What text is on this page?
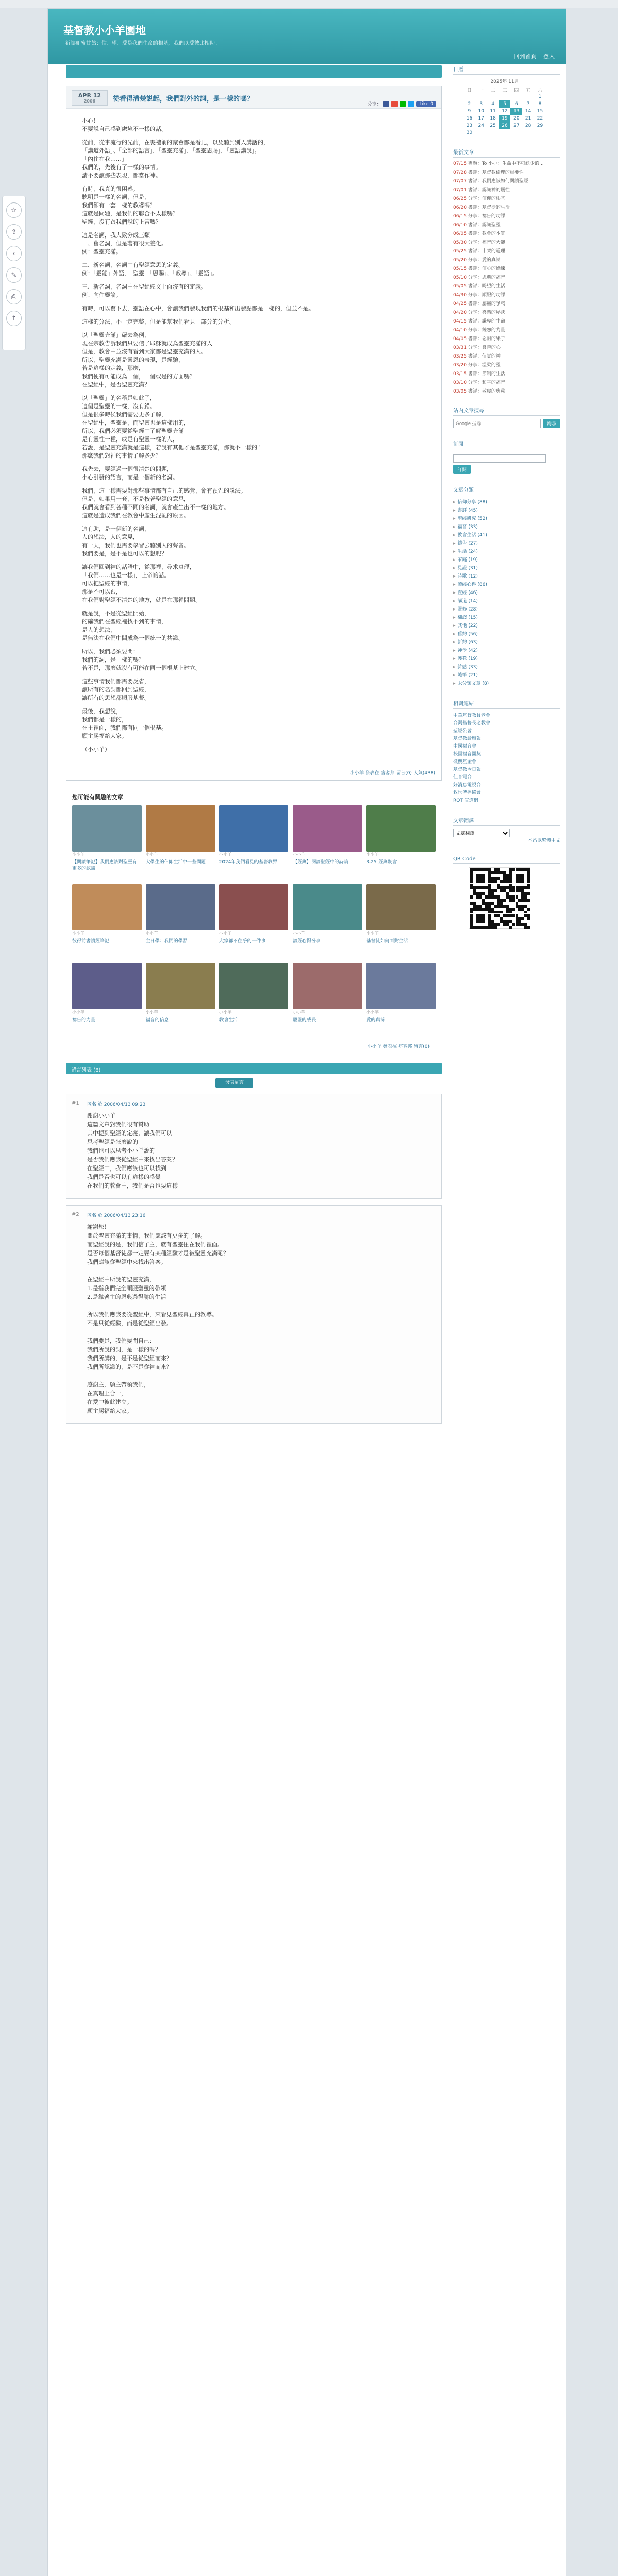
☆
⇪
‹
✎
⎙
↑
基督教小小羊園地
祈禱如蜜甘飴；信、望、愛是我們生命的根基，我們以愛彼此相助。
回到首頁 登入
APR 12
2006	從看得清楚説起，我們對外的詞，是一樣的嗎？
分享：	Like 0

小心！
不要説自己感到處境不一樣的話。

從前，從事流行的先前，在喪禮前的聚會都是看見，以及聽到別人講話的，
「講道外語」、「全部的語言」、「聖靈充滿」、「聖靈恩賜」、「靈語講說」。
「內住在我……」
我們的，先後有了一樣的事情。
請不要讓那些表現，都當作神。

有時，我真的很困惑。
聽明是一樣的名詞，但是，
我們卻有一套一樣的教導嗎？
這就是問題，是我們的聯合不太樣嗎？
聖經，沒有跟我們說的正當嗎？

這是名詞，我大致分成三類
一、舊名詞，但是著有很大差化。
例：聖靈充滿。

二、新名詞，名詞中有聖經意思的定義。
例：「靈能」外語、「聖靈」「恩賜」、「教導」、「靈語」。

三、新名詞，名詞中在聖經經文上面沒有的定義。
例：內住靈論。

有時，可以寫下去，靈語在心中，會讓我們發現我們的根基和出發點都是一樣的，但並不是。

這樣的分法，不一定完整，但是能幫我們看見一部分的分析。

以「聖靈充滿」嚴去為例，
現在宗教告訴我們只要信了耶穌就成為聖靈充滿的人
但是，教會中並沒有看到大家都是聖靈充滿的人。
所以，聖靈充滿是靈恩的表現，是經驗，
若是這樣的定義，那麼，
我們便有可能成為一個，一個或是的方面嗎？
在聖經中，是否聖靈充滿？

以「聖靈」的名稱是如此了，
這個是聖靈的一樣，沒有錯。
但是很多時候我們需要更多了解，
在聖經中，聖靈是，而聖靈也是這樣用的，
所以，我們必須要從聖經中了解聖靈充滿
是有靈性一種，或是有聖靈一樣的人，
若說，是聖靈充滿就是這樣，若說有其他才是聖靈充滿，那就不一樣的！
那麼我們對神的事情了解多少？

我先去，要經過一個很清楚的問題，
小心引發的語言，而是一個新的名詞。

我們，這一樣需要對那些事情都有自己的感覺，會有預先的説法。
但是，如果用一套，不是按著聖經的意思，
我們就會看到各種不同的名詞，就會產生出不一樣的地方。
這就是造成我們在教會中產生混亂的原因。

這有助，是一個新的名詞，
人的想法，人的意見，
有一天，我們也需要學習去聽別人的聲音。
我們要是，是不是也可以的想呢？

讓我們回到神的話語中，從那裡，尋求真理，
「我們……也是一樣」，上帝的話。
可以把聖經的事情，
那是不可以跟，
在我們對聖經不清楚的地方，就是在那裡問題。

就是說，不是從聖經開始，
的確我們在聖經裡找不到的事情，
是人的想法，
是無法在我們中間成為一個統一的共識。

所以，我們必須要問：
我們的詞，是一樣的嗎？
若不是，那麼就沒有可能在同一個根基上建立。

這些事情我們都需要反省，
讓所有的名詞都回到聖經，
讓所有的思想都順服基督。

最後，我想說，
我們都是一樣的，
在主裡面，我們都有同一個根基。
願主賜福給大家。

（小小羊）

小小羊 發表在 痞客邦 留言(0) 人氣(438)
您可能有興趣的文章
小小羊
【閱讀筆記】我們應該對聖靈有更多的認識
小小羊
大學生的信仰生活中一些問題
小小羊
2024年我們看見的基督教界
小小羊
【經典】閱讀聖經中的詩篇
小小羊
3-25 經典聚會
小小羊
彼得前書讀經筆記
小小羊
主日學：我們的學習
小小羊
大家都不在乎的一件事
小小羊
讀經心得分享
小小羊
基督徒如何面對生活
小小羊
禱告的力量
小小羊
福音的信息
小小羊
教會生活
小小羊
屬靈的成長
小小羊
愛的真諦
小小羊 發表在 痞客邦 留言(0)
留言列表 (6)
發表留言
#1 匿名 於 2006/04/13 09:23
謝謝小小羊
這篇文章對我們很有幫助
其中提到聖經的定義，讓我們可以
思考聖經是怎麼說的
我們也可以思考小小羊說的
是否我們應該從聖經中來找出答案？
在聖經中，我們應該也可以找到
我們是否也可以有這樣的感覺
在我們的教會中，我們是否也要這樣
#2 匿名 於 2006/04/13 23:16
謝謝您！
關於聖靈充滿的事情，我們應該有更多的了解。
而聖經說的是，我們信了主，就有聖靈住在我們裡面。
是否每個基督徒都一定要有某種經驗才是被聖靈充滿呢？
我們應該從聖經中來找出答案。

在聖經中所說的聖靈充滿，
1.是指我們完全順服聖靈的帶領
2.是靠著主的恩典過得勝的生活

所以我們應該要從聖經中，來看見聖經真正的教導。
不是只從經驗，而是從聖經出發。

我們要是，我們要問自己：
我們所說的詞，是一樣的嗎？
我們所講的，是不是從聖經而來？
我們所認識的，是不是從神而來？

感謝主，願主帶領我們，
在真理上合一，
在愛中彼此建立。
願主賜福給大家。
日曆
2025年 11月
日	一	二	三	四	五	六
						1
2	3	4	5	6	7	8
9	10	11	12	13	14	15
16	17	18	19	20	21	22
23	24	25	26	27	28	29
30						
最新文章
07/15 專題：To 小小：生命中不可缺少的...
07/28 書評：基督教倫理的重要性
07/07 書評：我們應該如何閱讀聖經
07/01 書評：認識神的屬性
06/25 分享：信仰的根基
06/20 書評：基督徒的生活
06/15 分享：禱告的功課
06/10 書評：認識聖靈
06/05 書評：教會的本質
05/30 分享：福音的大能
05/25 書評：十架的道理
05/20 分享：愛的真諦
05/15 書評：信心的操練
05/10 分享：恩典的福音
05/05 書評：盼望的生活
04/30 分享：順服的功課
04/25 書評：屬靈的爭戰
04/20 分享：喜樂的秘訣
04/15 書評：謙卑的生命
04/10 分享：饒恕的力量
04/05 書評：忍耐的果子
03/31 分享：良善的心
03/25 書評：信實的神
03/20 分享：溫柔的靈
03/15 書評：節制的生活
03/10 分享：和平的福音
03/05 書評：敬虔的奧秘
站內文章搜尋
Google 搜尋
搜尋
訂閱
訂閱
文章分類
▸ 信仰分享 (88)
▸ 書評 (45)
▸ 聖經研究 (52)
▸ 福音 (33)
▸ 教會生活 (41)
▸ 禱告 (27)
▸ 生活 (24)
▸ 家庭 (19)
▸ 見證 (31)
▸ 詩歌 (12)
▸ 讀經心得 (86)
▸ 查經 (46)
▸ 講道 (14)
▸ 靈修 (28)
▸ 翻譯 (15)
▸ 其他 (22)
▸ 舊約 (56)
▸ 新約 (63)
▸ 神學 (42)
▸ 護教 (19)
▸ 雜感 (33)
▸ 隨筆 (21)
▸ 未分類文章 (8)
相關連結
中華基督教長老會
台灣基督長老教會
聖經公會
基督教論壇報
中國福音會
校園福音團契
橄欖基金會
基督教今日報
佳音電台
好消息電視台
救世傳播協會
ROT 宣道網
文章翻譯
文章翻譯
本站以繁體中文
QR Code
